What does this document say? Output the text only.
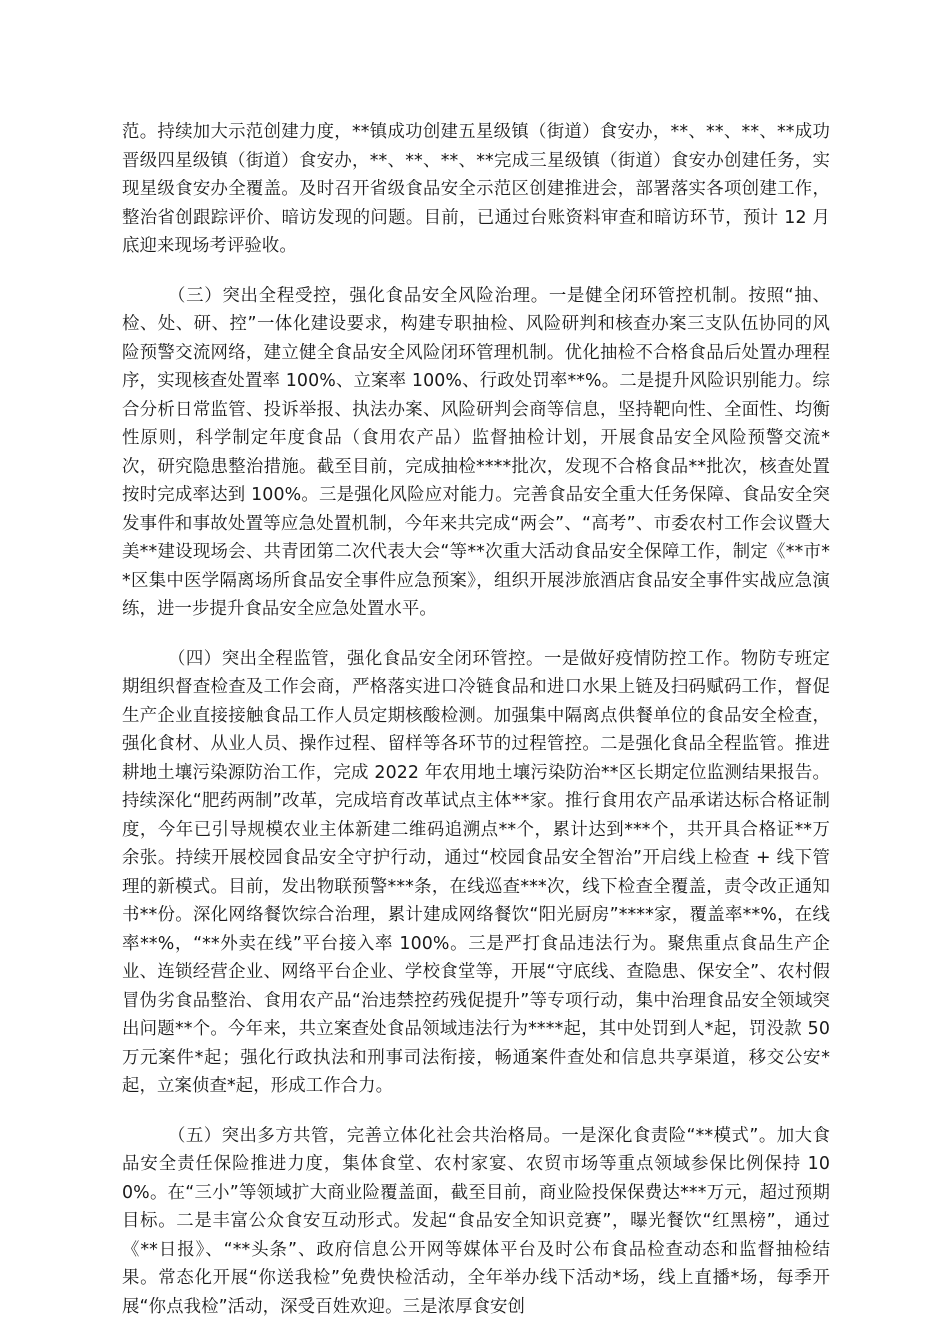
范。持续加大示范创建力度，**镇成功创建五星级镇（街道）食安办，**、**、**、**成功晋级四星级镇（街道）食安办，**、**、**、**完成三星级镇（街道）食安办创建任务，实现星级食安办全覆盖。及时召开省级食品安全示范区创建推进会，部署落实各项创建工作，整治省创跟踪评价、暗访发现的问题。目前，已通过台账资料审查和暗访环节，预计 12 月底迎来现场考评验收。

（三）突出全程受控，强化食品安全风险治理。一是健全闭环管控机制。按照“抽、检、处、研、控”一体化建设要求，构建专职抽检、风险研判和核查办案三支队伍协同的风险预警交流网络，建立健全食品安全风险闭环管理机制。优化抽检不合格食品后处置办理程序，实现核查处置率 100%、立案率 100%、行政处罚率**%。二是提升风险识别能力。综合分析日常监管、投诉举报、执法办案、风险研判会商等信息，坚持靶向性、全面性、均衡性原则，科学制定年度食品（食用农产品）监督抽检计划，开展食品安全风险预警交流*次，研究隐患整治措施。截至目前，完成抽检****批次，发现不合格食品**批次，核查处置按时完成率达到 100%。三是强化风险应对能力。完善食品安全重大任务保障、食品安全突发事件和事故处置等应急处置机制，今年来共完成“两会”、“高考”、市委农村工作会议暨大美**建设现场会、共青团第二次代表大会“等**次重大活动食品安全保障工作，制定《**市**区集中医学隔离场所食品安全事件应急预案》，组织开展涉旅酒店食品安全事件实战应急演练，进一步提升食品安全应急处置水平。

（四）突出全程监管，强化食品安全闭环管控。一是做好疫情防控工作。物防专班定期组织督查检查及工作会商，严格落实进口冷链食品和进口水果上链及扫码赋码工作，督促生产企业直接接触食品工作人员定期核酸检测。加强集中隔离点供餐单位的食品安全检查，强化食材、从业人员、操作过程、留样等各环节的过程管控。二是强化食品全程监管。推进耕地土壤污染源防治工作，完成 2022 年农用地土壤污染防治**区长期定位监测结果报告。持续深化“肥药两制”改革，完成培育改革试点主体**家。推行食用农产品承诺达标合格证制度，今年已引导规模农业主体新建二维码追溯点**个，累计达到***个，共开具合格证**万余张。持续开展校园食品安全守护行动，通过“校园食品安全智治”开启线上检查 + 线下管理的新模式。目前，发出物联预警***条，在线巡查***次，线下检查全覆盖，责令改正通知书**份。深化网络餐饮综合治理，累计建成网络餐饮“阳光厨房”****家，覆盖率**%，在线率**%，“**外卖在线”平台接入率 100%。三是严打食品违法行为。聚焦重点食品生产企业、连锁经营企业、网络平台企业、学校食堂等，开展“守底线、查隐患、保安全”、农村假冒伪劣食品整治、食用农产品“治违禁控药残促提升”等专项行动，集中治理食品安全领域突出问题**个。今年来，共立案查处食品领域违法行为****起，其中处罚到人*起，罚没款 50万元案件*起；强化行政执法和刑事司法衔接，畅通案件查处和信息共享渠道，移交公安*起，立案侦查*起，形成工作合力。

（五）突出多方共管，完善立体化社会共治格局。一是深化食责险“**模式”。加大食品安全责任保险推进力度，集体食堂、农村家宴、农贸市场等重点领域参保比例保持 100%。在“三小”等领域扩大商业险覆盖面，截至目前，商业险投保保费达***万元，超过预期目标。二是丰富公众食安互动形式。发起“食品安全知识竞赛”，曝光餐饮“红黑榜”，通过《**日报》、“**头条”、政府信息公开网等媒体平台及时公布食品检查动态和监督抽检结果。常态化开展“你送我检”免费快检活动，全年举办线下活动*场，线上直播*场，每季开展“你点我检”活动，深受百姓欢迎。三是浓厚食安创
